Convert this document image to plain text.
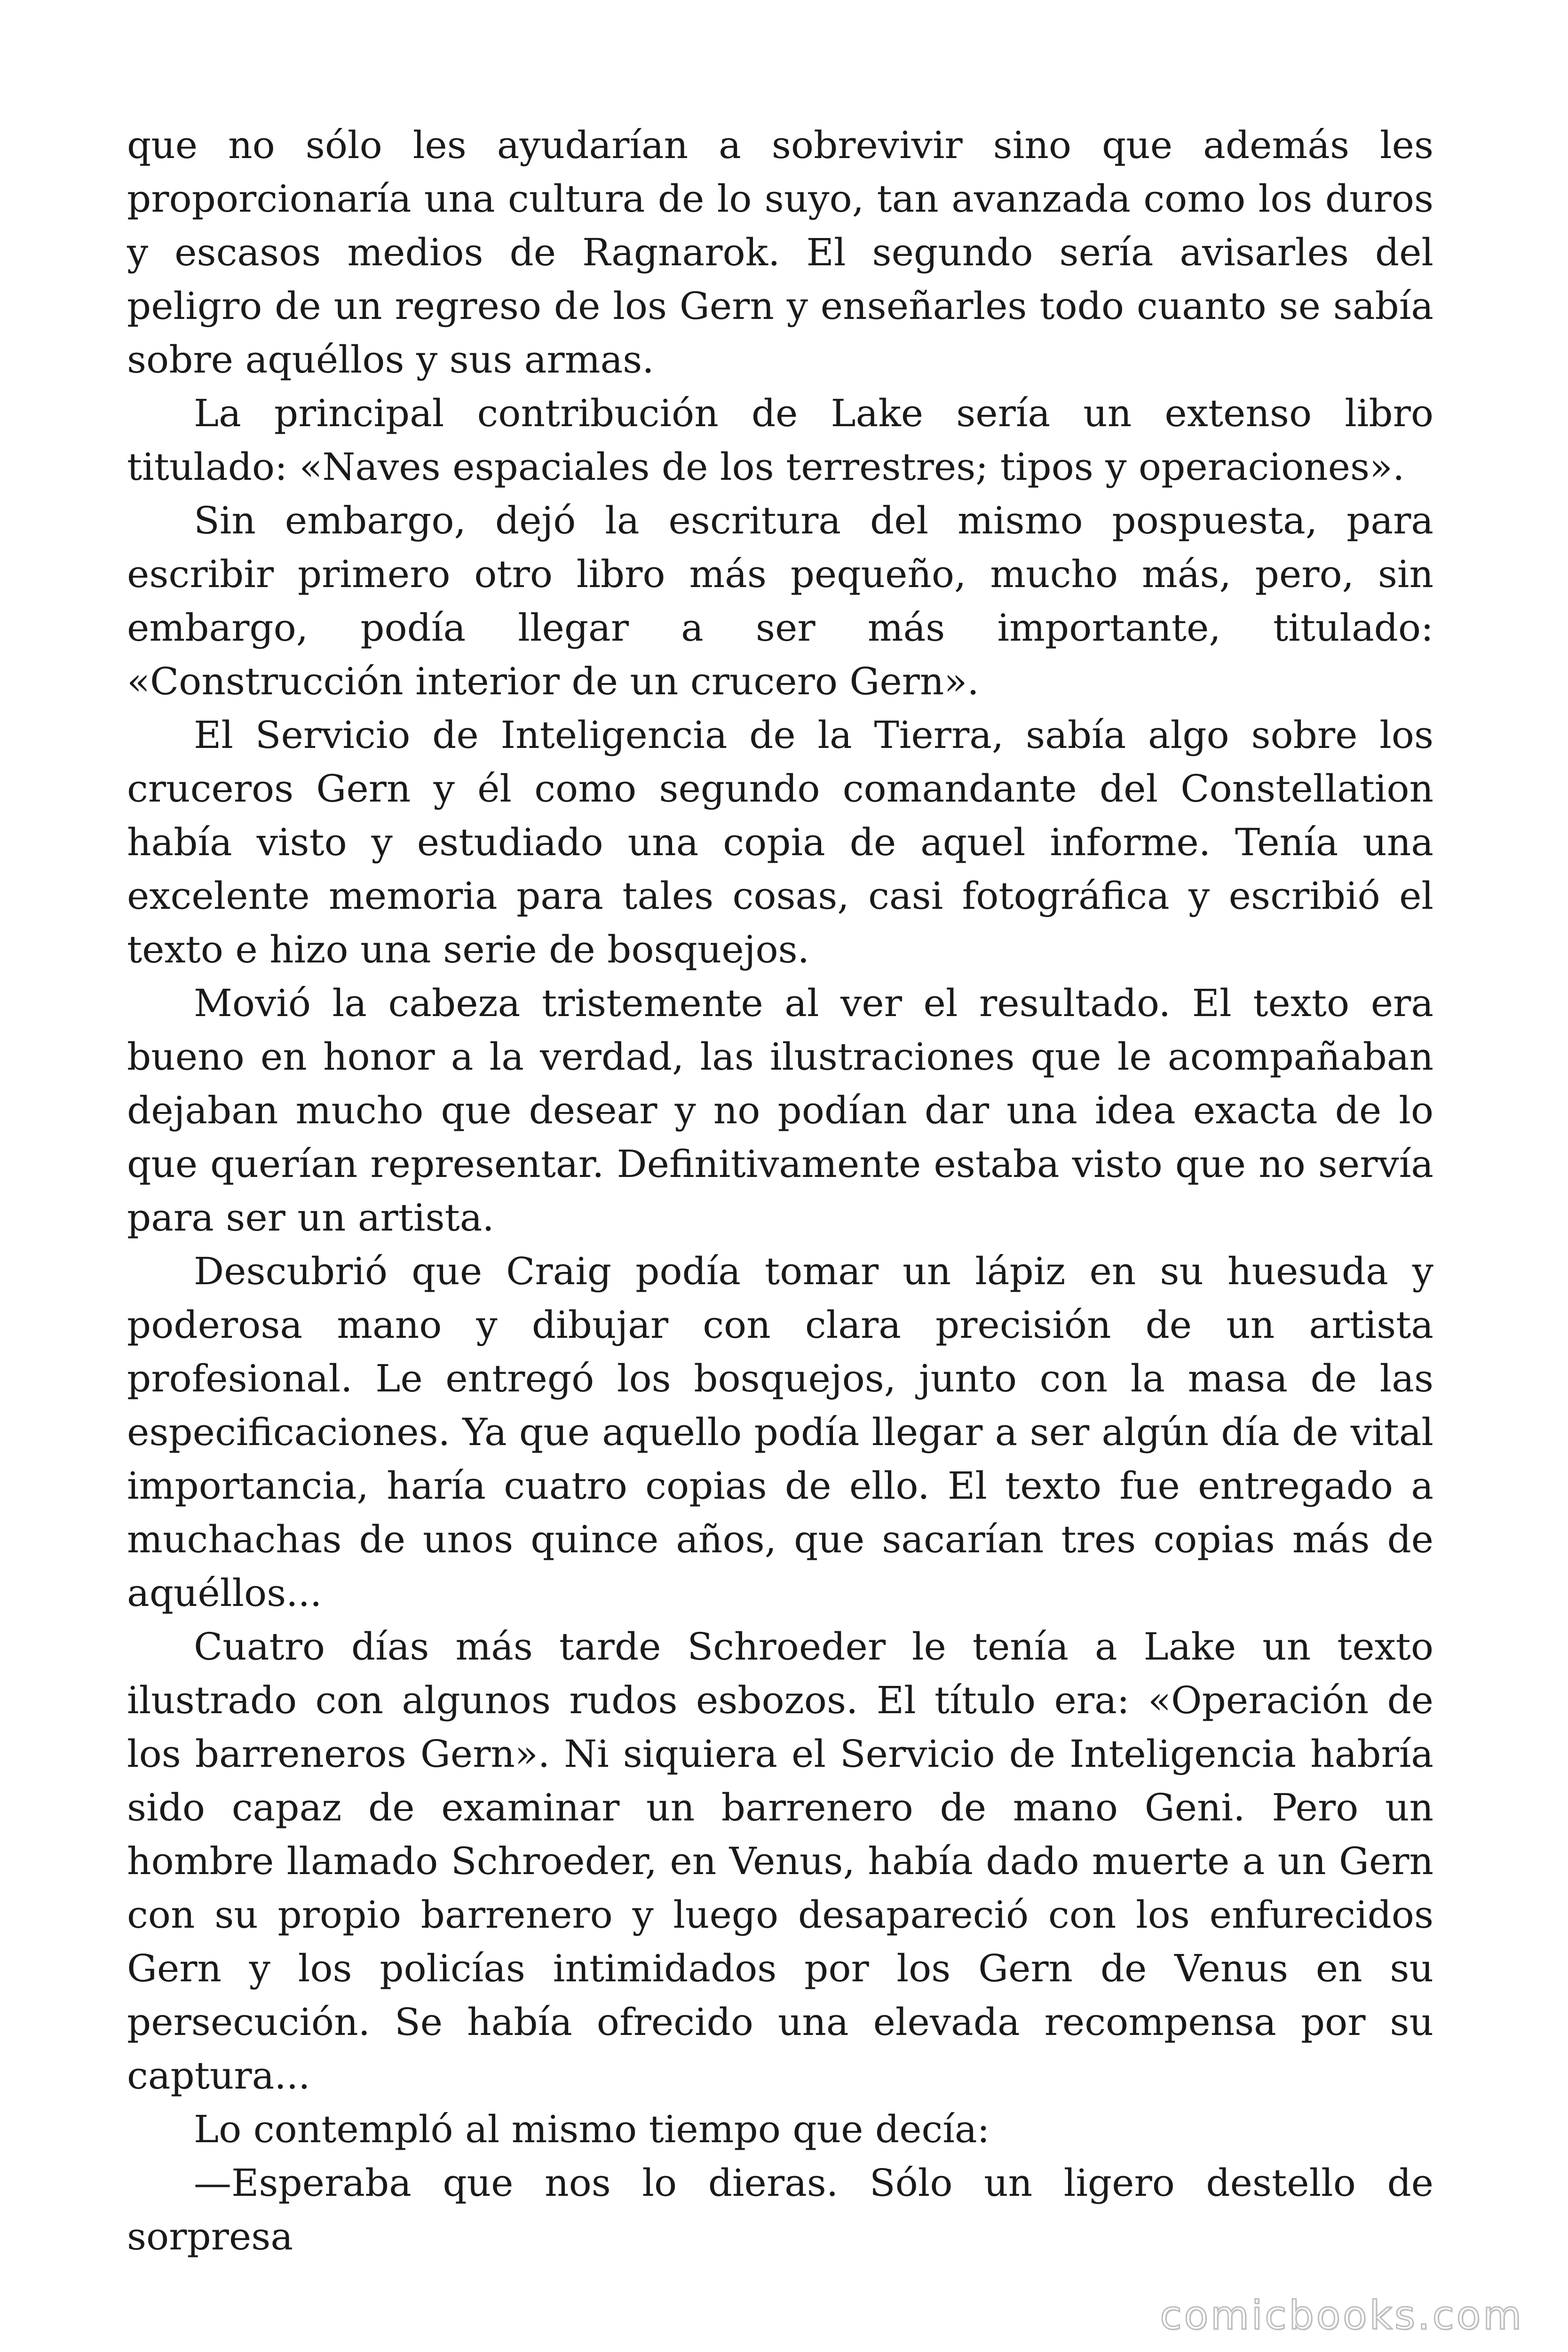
que no sólo les ayudarían a sobrevivir sino que además les proporcionaría una cultura de lo suyo, tan avanzada como los duros y escasos medios de Ragnarok. El segundo sería avisarles del peligro de un regreso de los Gern y enseñarles todo cuanto se sabía sobre aquéllos y sus armas.

La principal contribución de Lake sería un extenso libro titulado: «Naves espaciales de los terrestres; tipos y operaciones».

Sin embargo, dejó la escritura del mismo pospuesta, para escribir primero otro libro más pequeño, mucho más, pero, sin embargo, podía llegar a ser más importante, titulado: «Construcción interior de un crucero Gern».

El Servicio de Inteligencia de la Tierra, sabía algo sobre los cruceros Gern y él como segundo comandante del Constellation había visto y estudiado una copia de aquel informe. Tenía una excelente memoria para tales cosas, casi fotográfica y escribió el texto e hizo una serie de bosquejos.

Movió la cabeza tristemente al ver el resultado. El texto era bueno en honor a la verdad, las ilustraciones que le acompañaban dejaban mucho que desear y no podían dar una idea exacta de lo que querían representar. Definitivamente estaba visto que no servía para ser un artista.

Descubrió que Craig podía tomar un lápiz en su huesuda y poderosa mano y dibujar con clara precisión de un artista profesional. Le entregó los bosquejos, junto con la masa de las especificaciones. Ya que aquello podía llegar a ser algún día de vital importancia, haría cuatro copias de ello. El texto fue entregado a muchachas de unos quince años, que sacarían tres copias más de aquéllos...

Cuatro días más tarde Schroeder le tenía a Lake un texto ilustrado con algunos rudos esbozos. El título era: «Operación de los barreneros Gern». Ni siquiera el Servicio de Inteligencia habría sido capaz de examinar un barrenero de mano Geni. Pero un hombre llamado Schroeder, en Venus, había dado muerte a un Gern con su propio barrenero y luego desapareció con los enfurecidos Gern y los policías intimidados por los Gern de Venus en su persecución. Se había ofrecido una elevada recompensa por su captura...

Lo contempló al mismo tiempo que decía:

—Esperaba que nos lo dieras. Sólo un ligero destello de sorpresa

comicbooks.com
